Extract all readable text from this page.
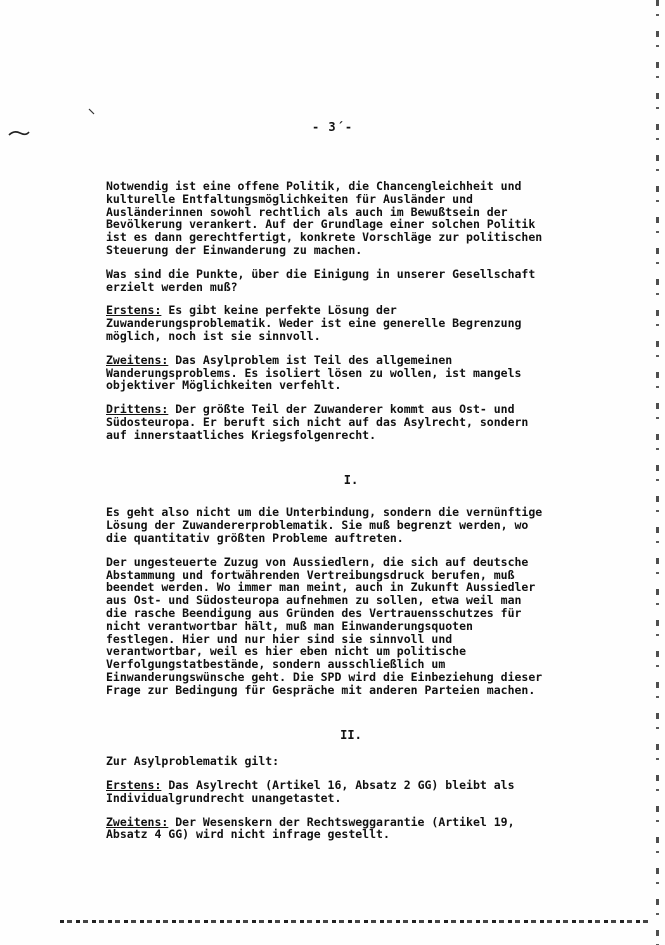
- 3´-

Notwendig ist eine offene Politik, die Chancengleichheit und
kulturelle Entfaltungsmöglichkeiten für Ausländer und
Ausländerinnen sowohl rechtlich als auch im Bewußtsein der
Bevölkerung verankert. Auf der Grundlage einer solchen Politik
ist es dann gerechtfertigt, konkrete Vorschläge zur politischen
Steuerung der Einwanderung zu machen.

Was sind die Punkte, über die Einigung in unserer Gesellschaft
erzielt werden muß?

Erstens: Es gibt keine perfekte Lösung der
Zuwanderungsproblematik. Weder ist eine generelle Begrenzung
möglich, noch ist sie sinnvoll.

Zweitens: Das Asylproblem ist Teil des allgemeinen
Wanderungsproblems. Es isoliert lösen zu wollen, ist mangels
objektiver Möglichkeiten verfehlt.

Drittens: Der größte Teil der Zuwanderer kommt aus Ost- und
Südosteuropa. Er beruft sich nicht auf das Asylrecht, sondern
auf innerstaatliches Kriegsfolgenrecht.

I.

Es geht also nicht um die Unterbindung, sondern die vernünftige
Lösung der Zuwandererproblematik. Sie muß begrenzt werden, wo
die quantitativ größten Probleme auftreten.

Der ungesteuerte Zuzug von Aussiedlern, die sich auf deutsche
Abstammung und fortwährenden Vertreibungsdruck berufen, muß
beendet werden. Wo immer man meint, auch in Zukunft Aussiedler
aus Ost- und Südosteuropa aufnehmen zu sollen, etwa weil man
die rasche Beendigung aus Gründen des Vertrauensschutzes für
nicht verantwortbar hält, muß man Einwanderungsquoten
festlegen. Hier und nur hier sind sie sinnvoll und
verantwortbar, weil es hier eben nicht um politische
Verfolgungstatbestände, sondern ausschließlich um
Einwanderungswünsche geht. Die SPD wird die Einbeziehung dieser
Frage zur Bedingung für Gespräche mit anderen Parteien machen.

II.

Zur Asylproblematik gilt:

Erstens: Das Asylrecht (Artikel 16, Absatz 2 GG) bleibt als
Individualgrundrecht unangetastet.

Zweitens: Der Wesenskern der Rechtsweggarantie (Artikel 19,
Absatz 4 GG) wird nicht infrage gestellt.
